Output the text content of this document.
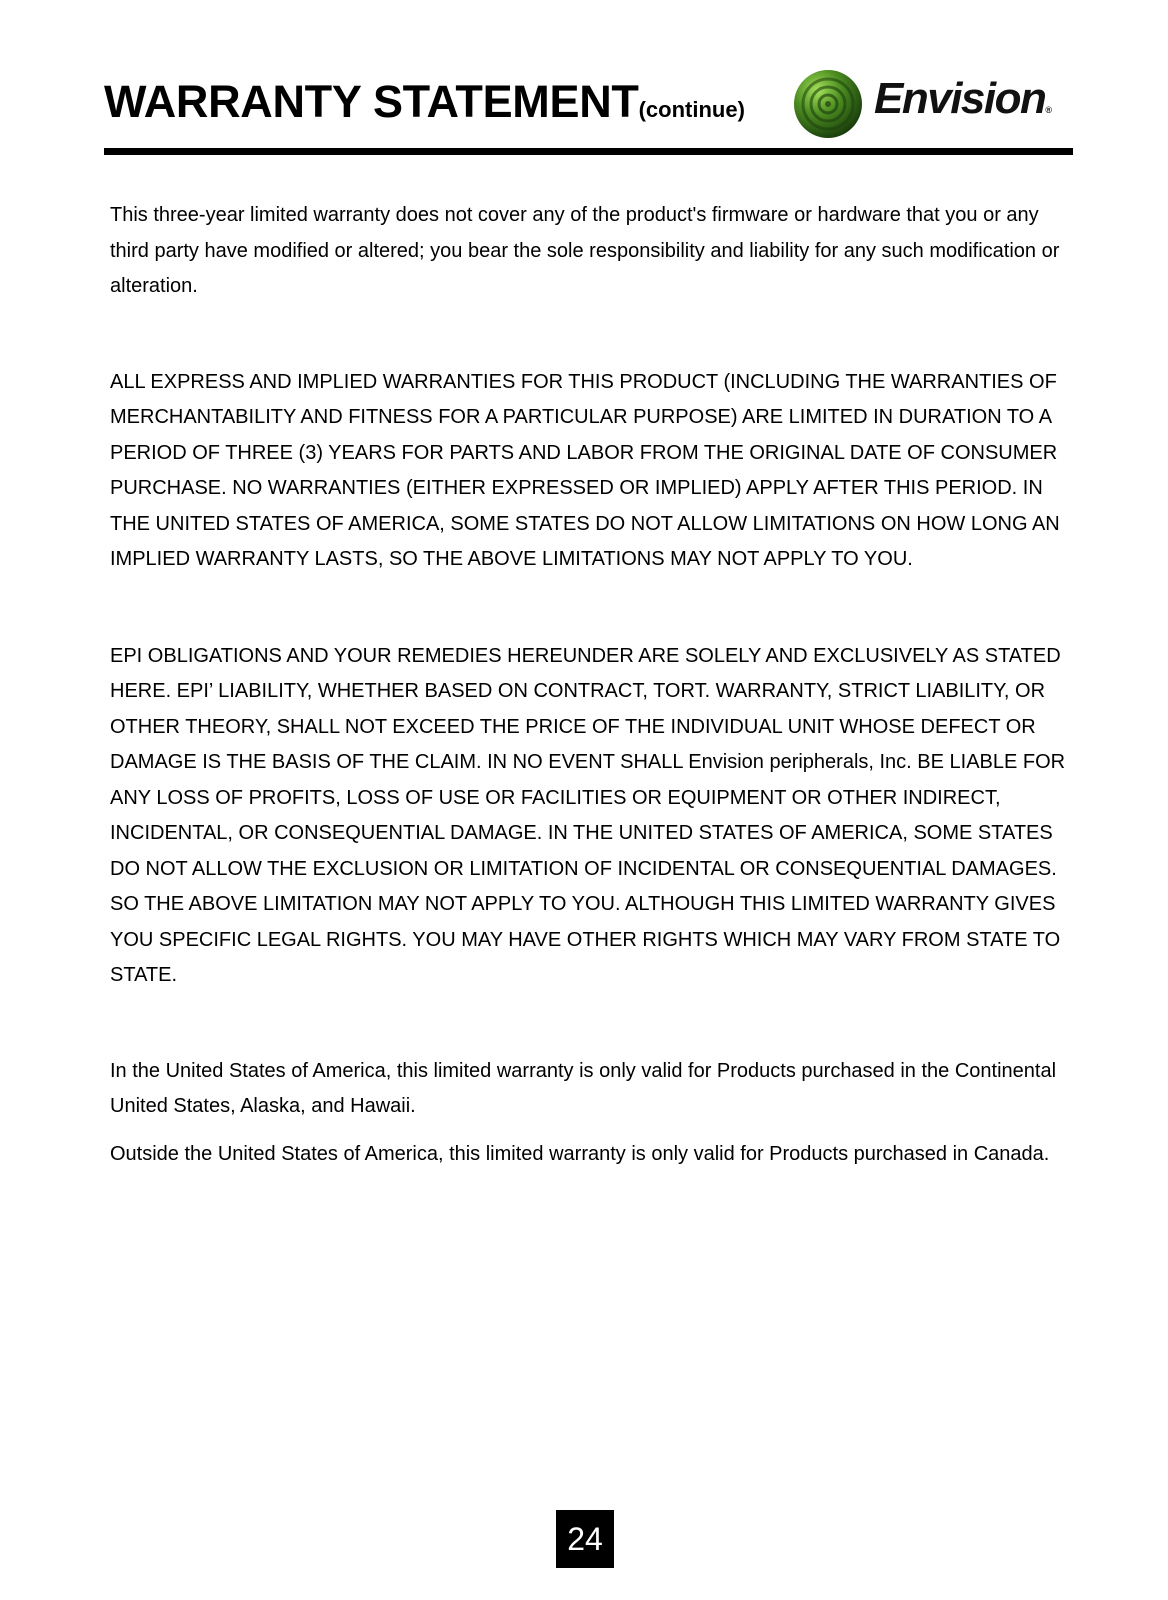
WARRANTY STATEMENT(continue)	Envision®

This three-year limited warranty does not cover any of the product's firmware or hardware that you or any third party have modified or altered; you bear the sole responsibility and liability for any such modification or alteration.

ALL EXPRESS AND IMPLIED WARRANTIES FOR THIS PRODUCT (INCLUDING THE WARRANTIES OF MERCHANTABILITY AND FITNESS FOR A PARTICULAR PURPOSE) ARE LIMITED IN DURATION TO A PERIOD OF THREE (3) YEARS FOR PARTS AND LABOR FROM THE ORIGINAL DATE OF CONSUMER PURCHASE. NO WARRANTIES (EITHER EXPRESSED OR IMPLIED) APPLY AFTER THIS PERIOD. IN THE UNITED STATES OF AMERICA, SOME STATES DO NOT ALLOW LIMITATIONS ON HOW LONG AN IMPLIED WARRANTY LASTS, SO THE ABOVE LIMITATIONS MAY NOT APPLY TO YOU.

EPI OBLIGATIONS AND YOUR REMEDIES HEREUNDER ARE SOLELY AND EXCLUSIVELY AS STATED HERE. EPI’ LIABILITY, WHETHER BASED ON CONTRACT, TORT. WARRANTY, STRICT LIABILITY, OR OTHER THEORY, SHALL NOT EXCEED THE PRICE OF THE INDIVIDUAL UNIT WHOSE DEFECT OR DAMAGE IS THE BASIS OF THE CLAIM. IN NO EVENT SHALL Envision peripherals, Inc. BE LIABLE FOR ANY LOSS OF PROFITS, LOSS OF USE OR FACILITIES OR EQUIPMENT OR OTHER INDIRECT, INCIDENTAL, OR CONSEQUENTIAL DAMAGE. IN THE UNITED STATES OF AMERICA, SOME STATES DO NOT ALLOW THE EXCLUSION OR LIMITATION OF INCIDENTAL OR CONSEQUENTIAL DAMAGES. SO THE ABOVE LIMITATION MAY NOT APPLY TO YOU. ALTHOUGH THIS LIMITED WARRANTY GIVES YOU SPECIFIC LEGAL RIGHTS. YOU MAY HAVE OTHER RIGHTS WHICH MAY VARY FROM STATE TO STATE.

In the United States of America, this limited warranty is only valid for Products purchased in the Continental United States, Alaska, and Hawaii.

Outside the United States of America, this limited warranty is only valid for Products purchased in Canada.

24
